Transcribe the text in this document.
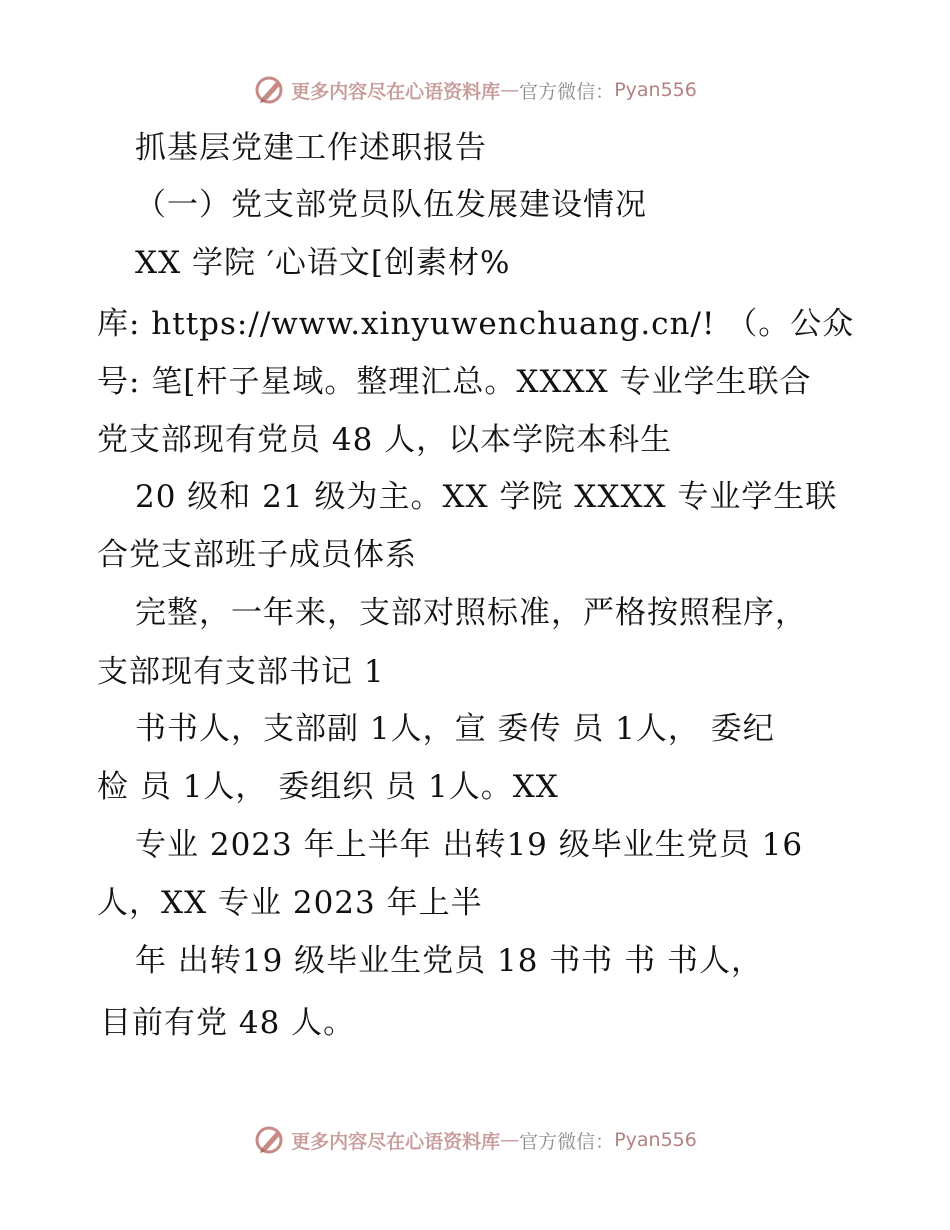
更多内容尽在心语资料库 — 官方微信： Pyan556
抓基层党建工作述职报告
（一）党支部党员队伍发展建设情况
XX 学院 ′心语文[创素材%
库: https://www.xinyuwenchuang.cn/! （。公众
号: 笔[杆子星域。整理汇总。XXXX 专业学生联合
党支部现有党员 48 人，以本学院本科生
20 级和 21 级为主。XX 学院 XXXX 专业学生联
合党支部班子成员体系
完整，一年来，支部对照标准，严格按照程序，
支部现有支部书记 1
书书人，支部副 1人，宣 委传 员 1人， 委纪
检 员 1人， 委组织 员 1人。XX
专业 2023 年上半年 出转19 级毕业生党员 16
人，XX 专业 2023 年上半
年 出转19 级毕业生党员 18 书书 书 书人，
目前有党 48 人。
更多内容尽在心语资料库 — 官方微信： Pyan556
